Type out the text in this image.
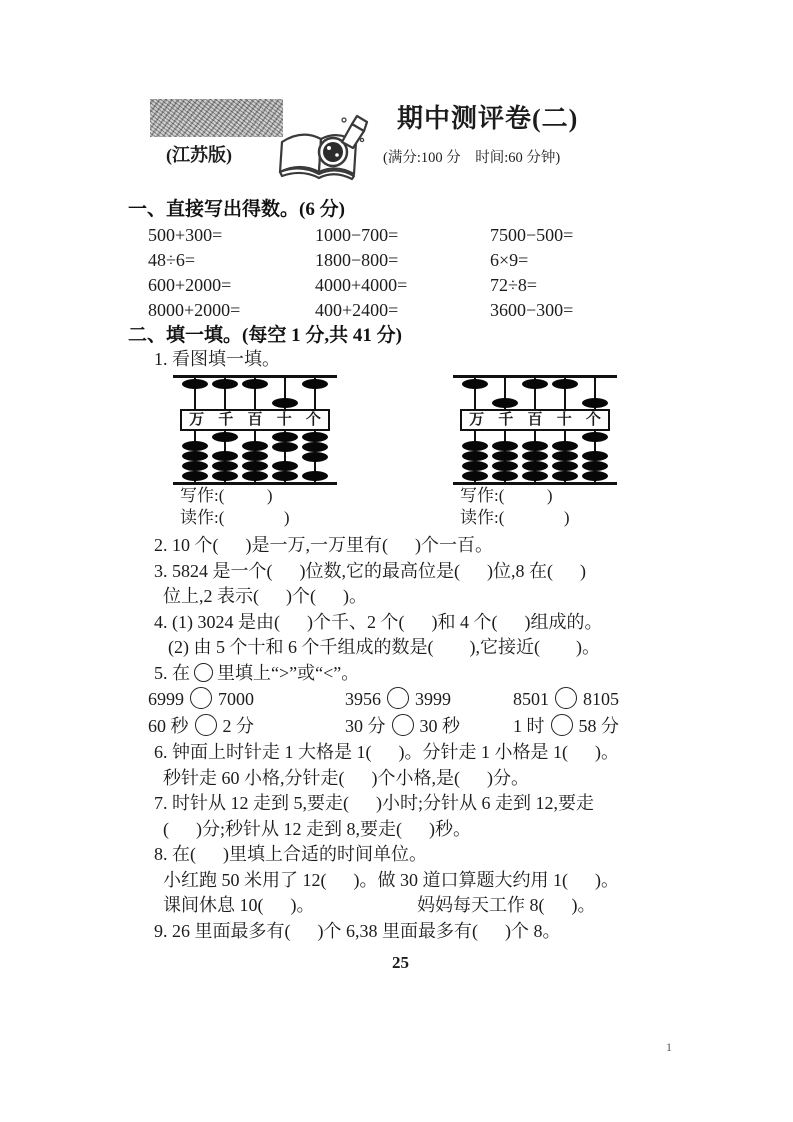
(江苏版)
期中测评卷(二)
(满分:100 分    时间:60 分钟)
一、直接写出得数。(6 分)
500+300=	1000−700=	7500−500=
48÷6=	1800−800=	6×9=
600+2000=	4000+4000=	72÷8=
8000+2000=	400+2400=	3600−300=
二、填一填。(每空 1 分,共 41 分)

1. 看图填一填。

万 千 百 十 个
写作:(          )
读作:(              )
万 千 百 十 个
写作:(          )
读作:(              )

2. 10 个(      )是一万,一万里有(      )个一百。

3. 5824 是一个(      )位数,它的最高位是(      )位,8 在(      )

位上,2 表示(      )个(      )。

4. (1) 3024 是由(      )个千、2 个(      )和 4 个(      )组成的。

(2) 由 5 个十和 6 个千组成的数是(        ),它接近(        )。

5. 在 里填上“>”或“<”。

6999 7000	3956 3999	8501 8105
60 秒 2 分	30 分 30 秒	1 时 58 分

6. 钟面上时针走 1 大格是 1(      )。分针走 1 小格是 1(      )。

秒针走 60 小格,分针走(      )个小格,是(      )分。

7. 时针从 12 走到 5,要走(      )小时;分针从 6 走到 12,要走

(      )分;秒针从 12 走到 8,要走(      )秒。

8. 在(      )里填上合适的时间单位。

小红跑 50 米用了 12(      )。做 30 道口算题大约用 1(      )。

课间休息 10(      )。	妈妈每天工作 8(      )。

9. 26 里面最多有(      )个 6,38 里面最多有(      )个 8。

25
1
